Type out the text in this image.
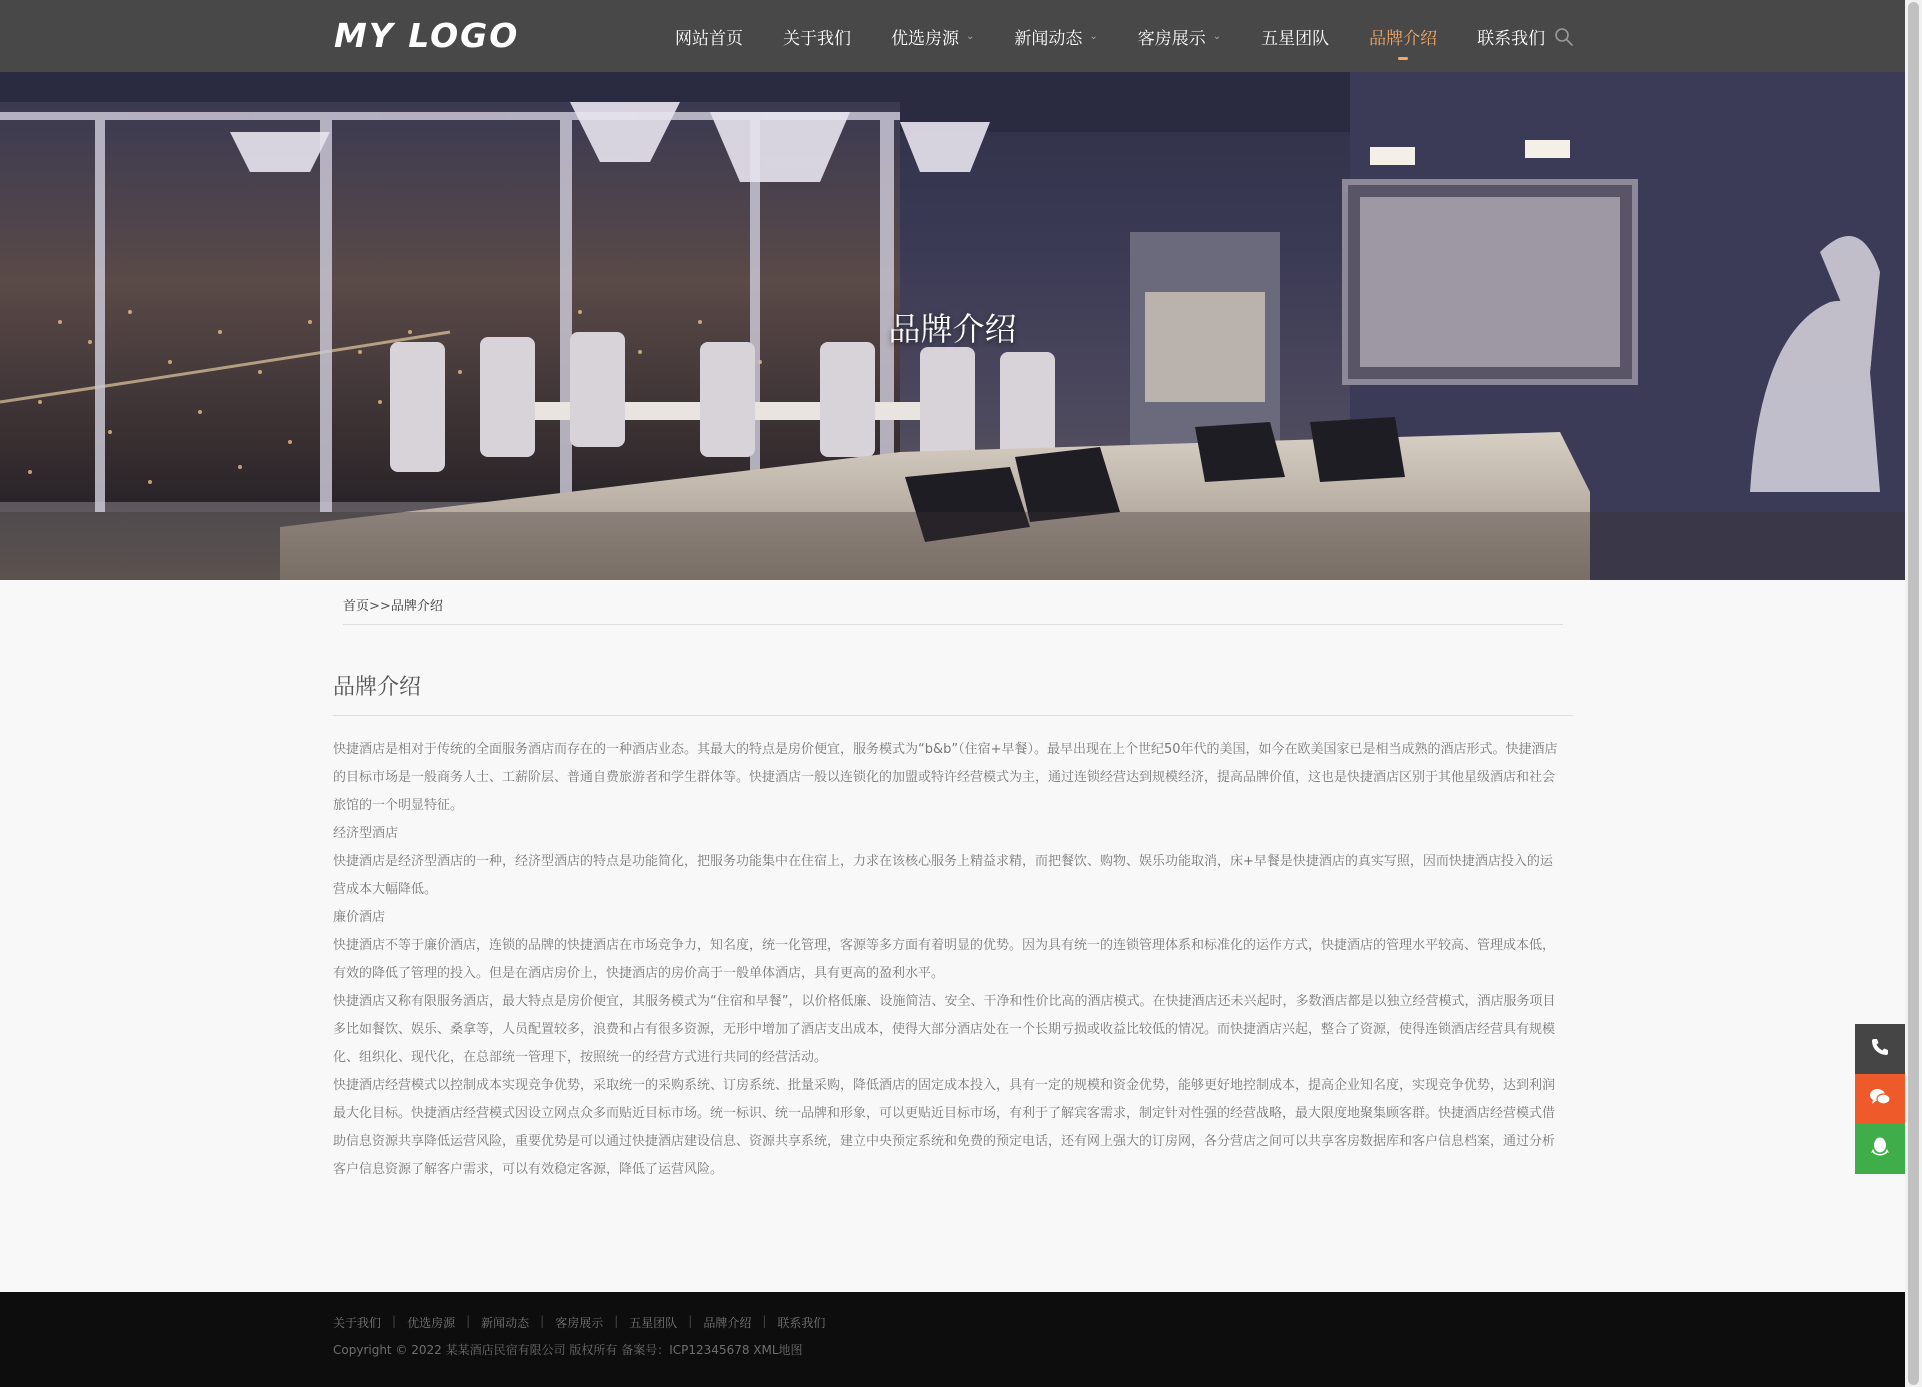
MY LOGO	网站首页 关于我们 优选房源 ⌄ 新闻动态 ⌄ 客房展示 ⌄ 五星团队 品牌介绍 联系我们
品牌介绍
首页>>品牌介绍
品牌介绍

快捷酒店是相对于传统的全面服务酒店而存在的一种酒店业态。其最大的特点是房价便宜，服务模式为“b&b”（住宿+早餐）。最早出现在上个世纪50年代的美国，如今在欧美国家已是相当成熟的酒店形式。快捷酒店的目标市场是一般商务人士、工薪阶层、普通自费旅游者和学生群体等。快捷酒店一般以连锁化的加盟或特许经营模式为主，通过连锁经营达到规模经济，提高品牌价值，这也是快捷酒店区别于其他星级酒店和社会旅馆的一个明显特征。

经济型酒店

快捷酒店是经济型酒店的一种，经济型酒店的特点是功能简化，把服务功能集中在住宿上，力求在该核心服务上精益求精，而把餐饮、购物、娱乐功能取消，床+早餐是快捷酒店的真实写照，因而快捷酒店投入的运营成本大幅降低。

廉价酒店

快捷酒店不等于廉价酒店，连锁的品牌的快捷酒店在市场竞争力，知名度，统一化管理，客源等多方面有着明显的优势。因为具有统一的连锁管理体系和标准化的运作方式，快捷酒店的管理水平较高、管理成本低，有效的降低了管理的投入。但是在酒店房价上，快捷酒店的房价高于一般单体酒店，具有更高的盈利水平。

快捷酒店又称有限服务酒店，最大特点是房价便宜，其服务模式为“住宿和早餐”，以价格低廉、设施简洁、安全、干净和性价比高的酒店模式。在快捷酒店还未兴起时，多数酒店都是以独立经营模式，酒店服务项目多比如餐饮、娱乐、桑拿等，人员配置较多，浪费和占有很多资源，无形中增加了酒店支出成本，使得大部分酒店处在一个长期亏损或收益比较低的情况。而快捷酒店兴起，整合了资源，使得连锁酒店经营具有规模化、组织化、现代化，在总部统一管理下，按照统一的经营方式进行共同的经营活动。

快捷酒店经营模式以控制成本实现竞争优势，采取统一的采购系统、订房系统、批量采购，降低酒店的固定成本投入，具有一定的规模和资金优势，能够更好地控制成本，提高企业知名度，实现竞争优势，达到利润最大化目标。快捷酒店经营模式因设立网点众多而贴近目标市场。统一标识、统一品牌和形象，可以更贴近目标市场，有利于了解宾客需求，制定针对性强的经营战略，最大限度地聚集顾客群。快捷酒店经营模式借助信息资源共享降低运营风险，重要优势是可以通过快捷酒店建设信息、资源共享系统，建立中央预定系统和免费的预定电话，还有网上强大的订房网，各分营店之间可以共享客房数据库和客户信息档案，通过分析客户信息资源了解客户需求，可以有效稳定客源，降低了运营风险。

关于我们 | 优选房源 | 新闻动态 | 客房展示 | 五星团队 | 品牌介绍 | 联系我们
Copyright © 2022 某某酒店民宿有限公司 版权所有 备案号：ICP12345678 XML地图
